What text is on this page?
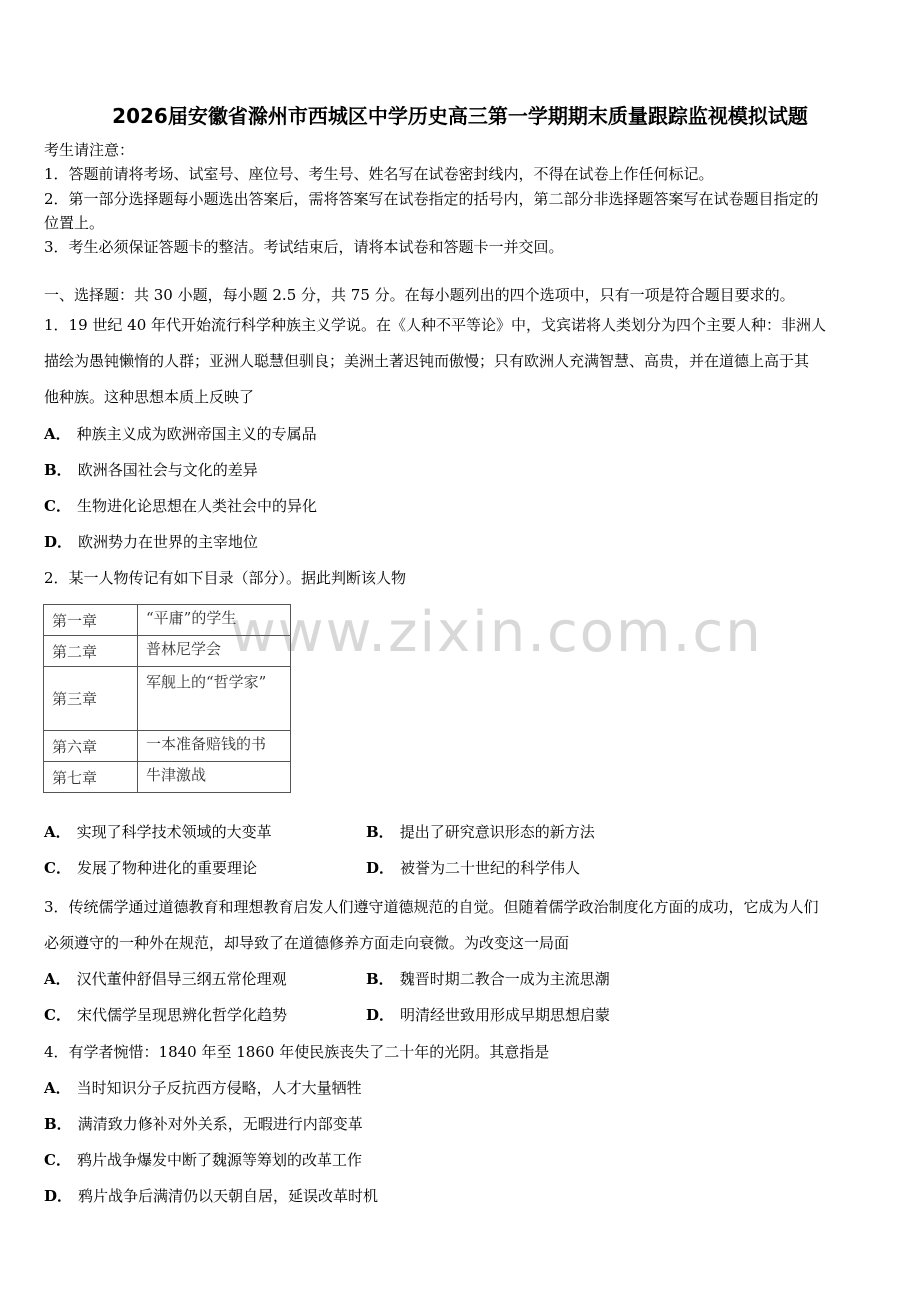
www.zixin.com.cn
2026届安徽省滁州市西城区中学历史高三第一学期期末质量跟踪监视模拟试题
考生请注意：
1．答题前请将考场、试室号、座位号、考生号、姓名写在试卷密封线内，不得在试卷上作任何标记。
2．第一部分选择题每小题选出答案后，需将答案写在试卷指定的括号内，第二部分非选择题答案写在试卷题目指定的
位置上。
3．考生必须保证答题卡的整洁。考试结束后，请将本试卷和答题卡一并交回。
一、选择题：共 30 小题，每小题 2.5 分，共 75 分。在每小题列出的四个选项中，只有一项是符合题目要求的。
1．19 世纪 40 年代开始流行科学种族主义学说。在《人种不平等论》中，戈宾诺将人类划分为四个主要人种：非洲人
描绘为愚钝懒惰的人群；亚洲人聪慧但驯良；美洲土著迟钝而傲慢；只有欧洲人充满智慧、高贵，并在道德上高于其
他种族。这种思想本质上反映了
A． 种族主义成为欧洲帝国主义的专属品
B． 欧洲各国社会与文化的差异
C． 生物进化论思想在人类社会中的异化
D． 欧洲势力在世界的主宰地位
2．某一人物传记有如下目录（部分）。据此判断该人物
第一章	“平庸”的学生
第二章	普林尼学会
第三章	军舰上的“哲学家”
第六章	一本准备赔钱的书
第七章	牛津激战
A． 实现了科学技术领域的大变革	B． 提出了研究意识形态的新方法
C． 发展了物种进化的重要理论	D． 被誉为二十世纪的科学伟人
3．传统儒学通过道德教育和理想教育启发人们遵守道德规范的自觉。但随着儒学政治制度化方面的成功，它成为人们
必须遵守的一种外在规范，却导致了在道德修养方面走向衰微。为改变这一局面
A． 汉代董仲舒倡导三纲五常伦理观	B． 魏晋时期二教合一成为主流思潮
C． 宋代儒学呈现思辨化哲学化趋势	D． 明清经世致用形成早期思想启蒙
4．有学者惋惜：1840 年至 1860 年使民族丧失了二十年的光阴。其意指是
A． 当时知识分子反抗西方侵略，人才大量牺牲
B． 满清致力修补对外关系，无暇进行内部变革
C． 鸦片战争爆发中断了魏源等筹划的改革工作
D． 鸦片战争后满清仍以天朝自居，延误改革时机
